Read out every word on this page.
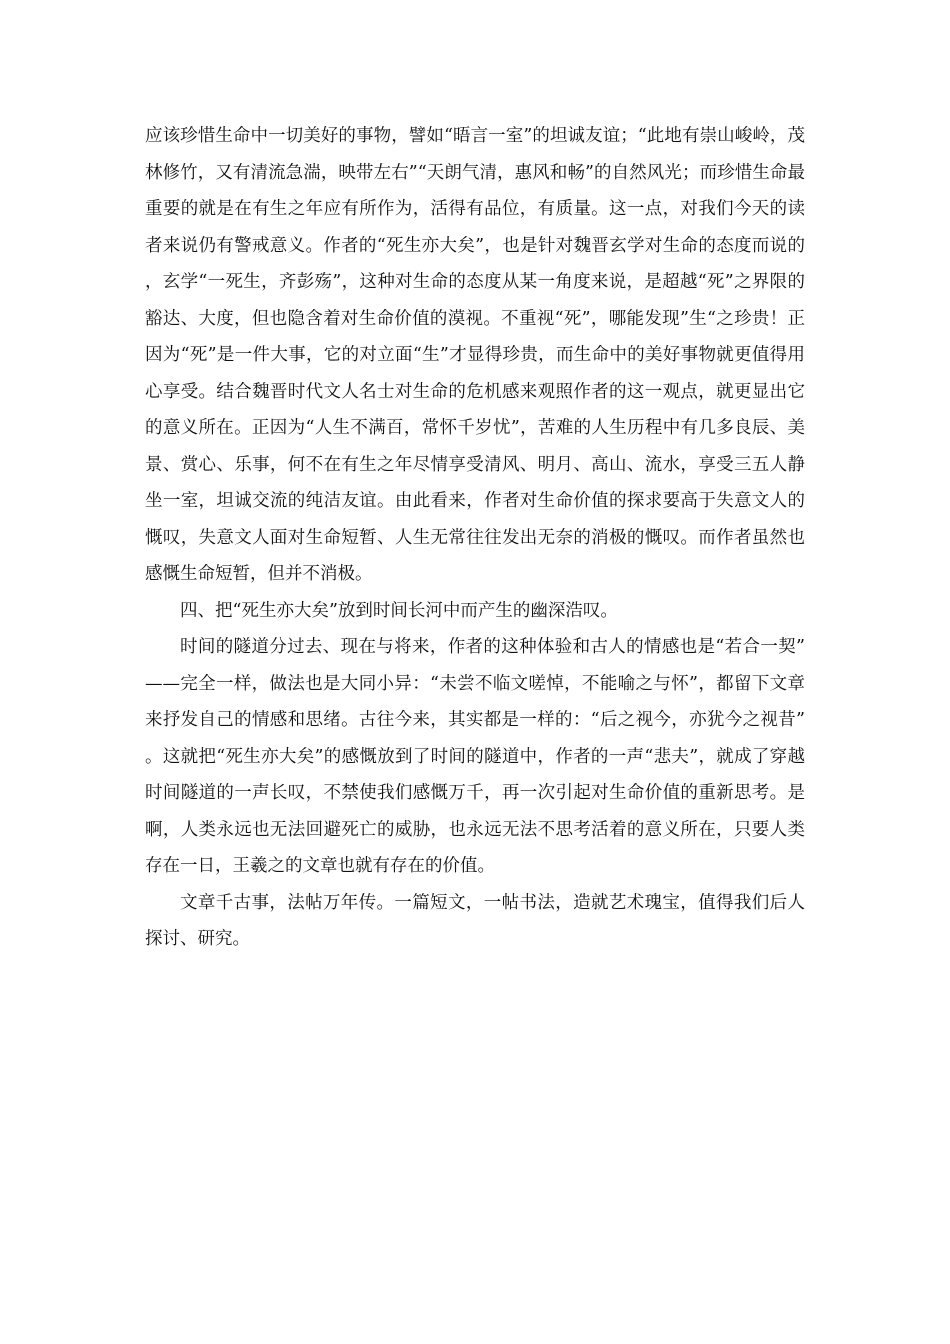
应该珍惜生命中一切美好的事物，譬如“晤言一室”的坦诚友谊；“此地有崇山峻岭，茂林修竹，又有清流急湍，映带左右”“天朗气清，惠风和畅”的自然风光；而珍惜生命最重要的就是在有生之年应有所作为，活得有品位，有质量。这一点，对我们今天的读者来说仍有警戒意义。作者的“死生亦大矣”，也是针对魏晋玄学对生命的态度而说的，玄学“一死生，齐彭殇”，这种对生命的态度从某一角度来说，是超越“死”之界限的豁达、大度，但也隐含着对生命价值的漠视。不重视“死”，哪能发现”生“之珍贵！正因为“死”是一件大事，它的对立面“生”才显得珍贵，而生命中的美好事物就更值得用心享受。结合魏晋时代文人名士对生命的危机感来观照作者的这一观点，就更显出它的意义所在。正因为“人生不满百，常怀千岁忧”，苦难的人生历程中有几多良辰、美景、赏心、乐事，何不在有生之年尽情享受清风、明月、高山、流水，享受三五人静坐一室，坦诚交流的纯洁友谊。由此看来，作者对生命价值的探求要高于失意文人的慨叹，失意文人面对生命短暂、人生无常往往发出无奈的消极的慨叹。而作者虽然也感慨生命短暂，但并不消极。

四、把“死生亦大矣”放到时间长河中而产生的幽深浩叹。

时间的隧道分过去、现在与将来，作者的这种体验和古人的情感也是“若合一契”——完全一样，做法也是大同小异：“未尝不临文嗟悼，不能喻之与怀”，都留下文章来抒发自己的情感和思绪。古往今来，其实都是一样的：“后之视今，亦犹今之视昔”。这就把“死生亦大矣”的感慨放到了时间的隧道中，作者的一声“悲夫”，就成了穿越时间隧道的一声长叹，不禁使我们感慨万千，再一次引起对生命价值的重新思考。是啊，人类永远也无法回避死亡的威胁，也永远无法不思考活着的意义所在，只要人类存在一日，王羲之的文章也就有存在的价值。

文章千古事，法帖万年传。一篇短文，一帖书法，造就艺术瑰宝，值得我们后人探讨、研究。
